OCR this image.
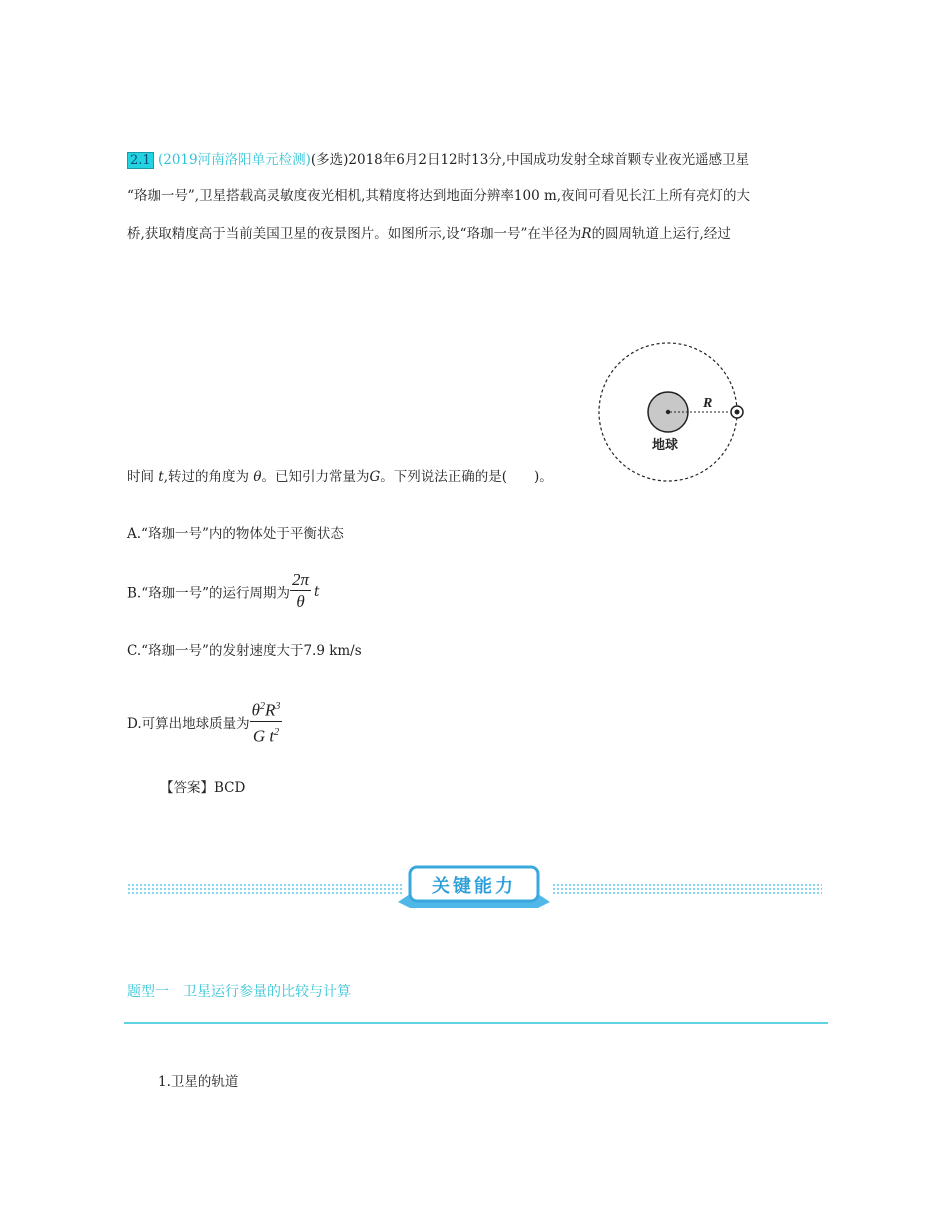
2.1 (2019河南洛阳单元检测)(多选)2018年6月2日12时13分,中国成功发射全球首颗专业夜光遥感卫星
“珞珈一号”,卫星搭载高灵敏度夜光相机,其精度将达到地面分辨率100 m,夜间可看见长江上所有亮灯的大
桥,获取精度高于当前美国卫星的夜景图片。如图所示,设“珞珈一号”在半径为R的圆周轨道上运行,经过
时间 t,转过的角度为 θ。已知引力常量为G。下列说法正确的是(　　)。
R
地球
A.“珞珈一号”内的物体处于平衡状态
B.“珞珈一号”的运行周期为 $\frac{2\pi}{\theta}$ t
C.“珞珈一号”的发射速度大于7.9 km/s
D.可算出地球质量为 $\frac{\theta^2R^3}{G t^2}$
【答案】BCD
关键能力
题型一　卫星运行参量的比较与计算
1.卫星的轨道
